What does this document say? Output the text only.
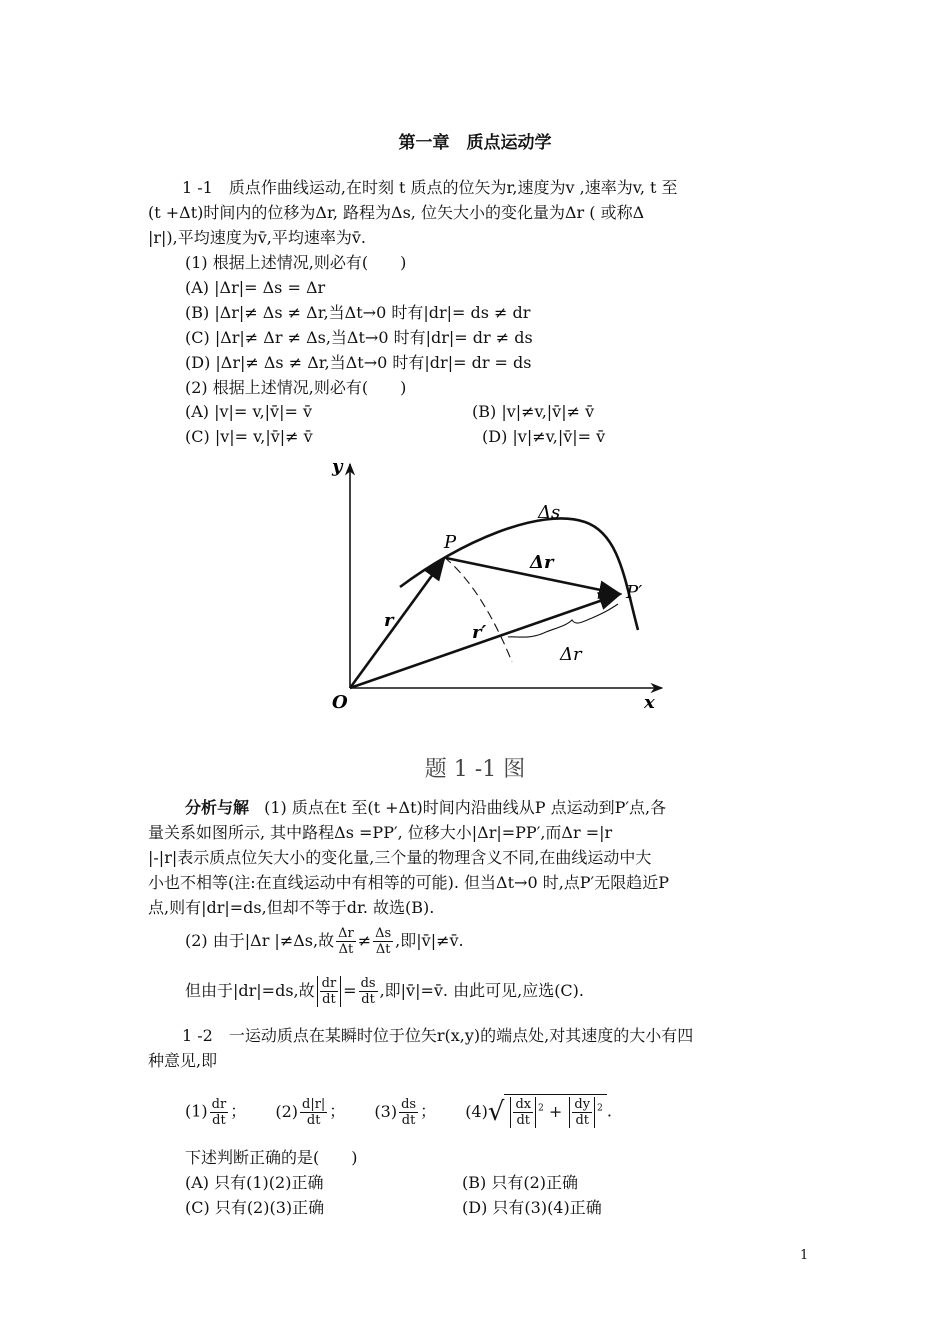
第一章　质点运动学
1 -1　质点作曲线运动,在时刻 t 质点的位矢为r,速度为v ,速率为v, t 至
(t +Δt)时间内的位移为Δr, 路程为Δs, 位矢大小的变化量为Δr ( 或称Δ
|r|),平均速度为v̄,平均速率为v̄.
(1) 根据上述情况,则必有(　　)
(A) |Δr|= Δs = Δr
(B) |Δr|≠ Δs ≠ Δr,当Δt→0 时有|dr|= ds ≠ dr
(C) |Δr|≠ Δr ≠ Δs,当Δt→0 时有|dr|= dr ≠ ds
(D) |Δr|≠ Δs ≠ Δr,当Δt→0 时有|dr|= dr = ds
(2) 根据上述情况,则必有(　　)
(A) |v|= v,|v̄|= v̄	(B) |v|≠v,|v̄|≠ v̄
(C) |v|= v,|v̄|≠ v̄	(D) |v|≠v,|v̄|= v̄
y
x
O
P
P′
r
r′
Δs
Δr
Δr
题 1 -1 图
分析与解 (1) 质点在t 至(t +Δt)时间内沿曲线从P 点运动到P′点,各
量关系如图所示, 其中路程Δs =PP′, 位移大小|Δr|=PP′,而Δr =|r
|-|r|表示质点位矢大小的变化量,三个量的物理含义不同,在曲线运动中大
小也不相等(注:在直线运动中有相等的可能). 但当Δt→0 时,点P′无限趋近P
点,则有|dr|=ds,但却不等于dr. 故选(B).
(2) 由于|Δr |≠Δs,故 $\frac{\Delta r}{\Delta t} \ne \frac{\Delta s}{\Delta t}$ ,即|v̄|≠v̄.
但由于|dr|=ds,故 $\frac{dr}{dt} = \frac{ds}{dt}$ ,即|v̄|=v̄. 由此可见,应选(C).
1 -2　一运动质点在某瞬时位于位矢r(x,y)的端点处,对其速度的大小有四
种意见,即
$(1) \frac{dr}{dt}$ ； $(2) \frac{d|r|}{dt}$ ； $(3) \frac{ds}{dt}$ ； $(4)√ \frac{dx}{dt} ^2 + \frac{dy}{dt} ^2$ .
下述判断正确的是(　　)
(A) 只有(1)(2)正确	(B) 只有(2)正确
(C) 只有(2)(3)正确	(D) 只有(3)(4)正确
1
